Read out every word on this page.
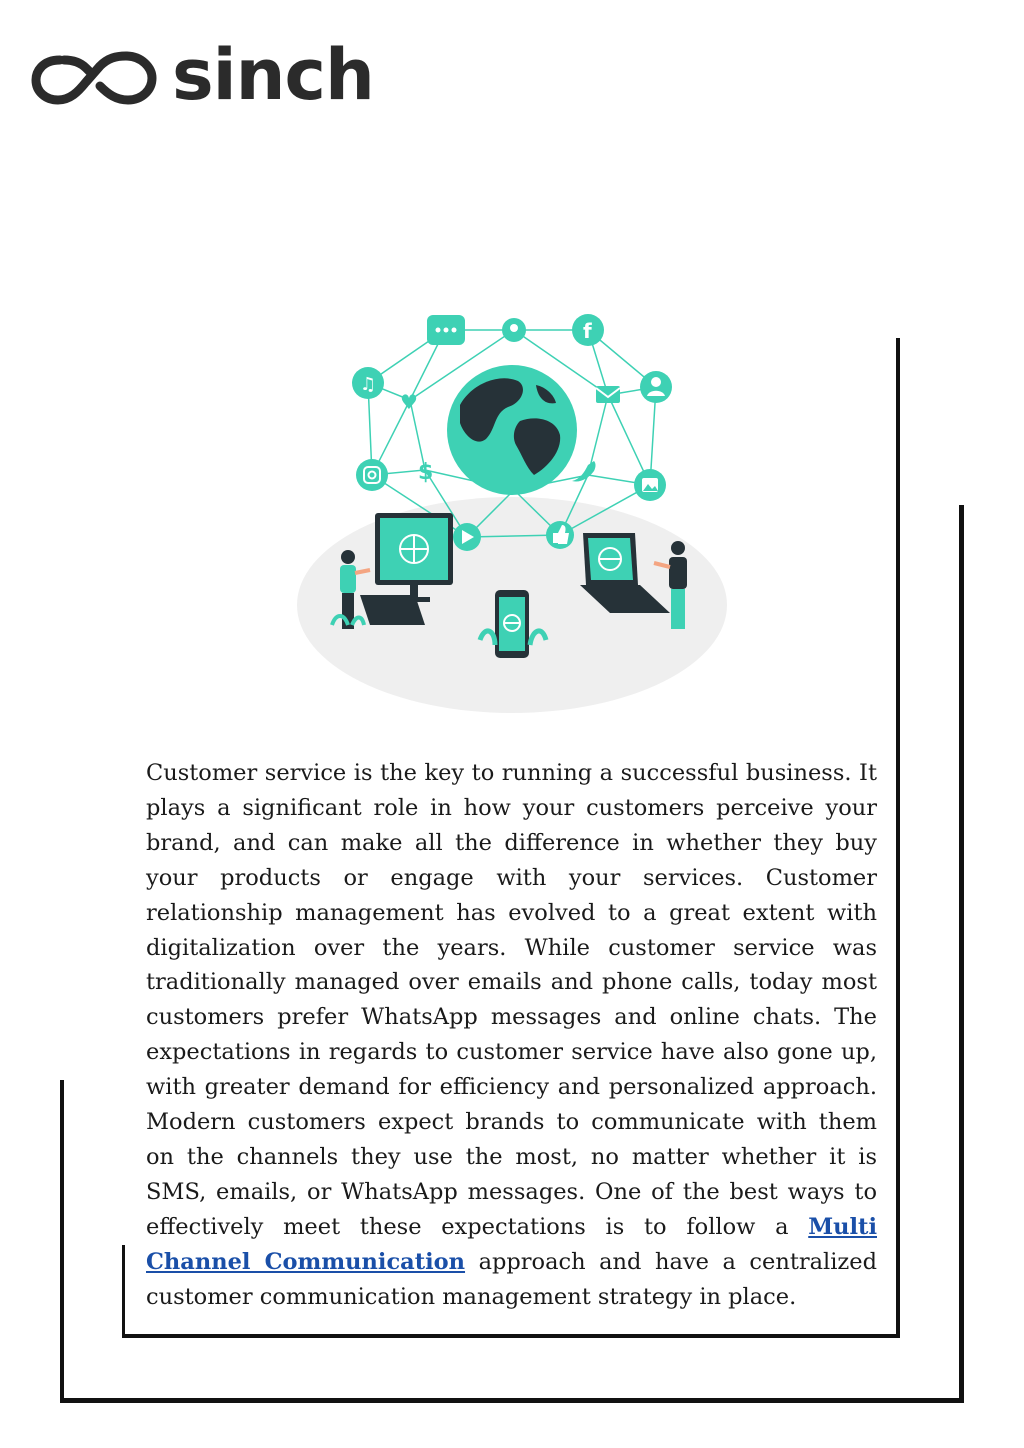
sinch
f
♫
♥
$

Customer service is the key to running a successful business. It plays a significant role in how your customers perceive your brand, and can make all the difference in whether they buy your products or engage with your services. Customer relationship management has evolved to a great extent with digitalization over the years. While customer service was traditionally managed over emails and phone calls, today most customers prefer WhatsApp messages and online chats. The expectations in regards to customer service have also gone up, with greater demand for efficiency and personalized approach. Modern customers expect brands to communicate with them on the channels they use the most, no matter whether it is SMS, emails, or WhatsApp messages. One of the best ways to effectively meet these expectations is to follow a Multi Channel Communication approach and have a centralized customer communication management strategy in place.
